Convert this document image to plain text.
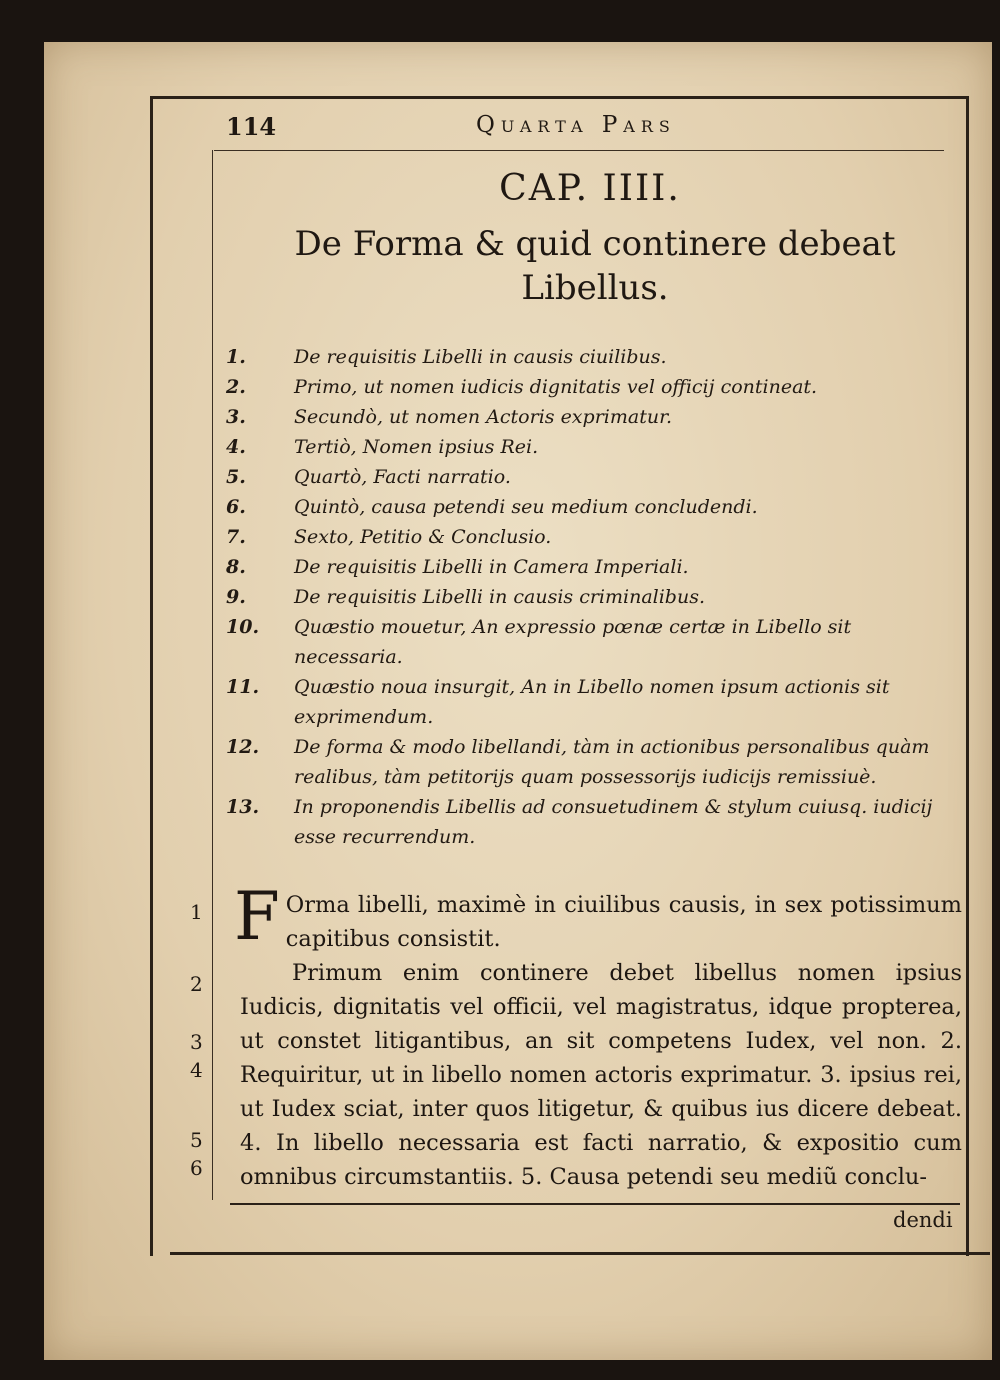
114	Quarta Pars
CAP. IIII.
De Forma & quid continere debeat
Libellus.
1.	De requisitis Libelli in causis ciuilibus.
2.	Primo, ut nomen iudicis dignitatis vel officij contineat.
3.	Secundò, ut nomen Actoris exprimatur.
4.	Tertiò, Nomen ipsius Rei.
5.	Quartò, Facti narratio.
6.	Quintò, causa petendi seu medium concludendi.
7.	Sexto, Petitio & Conclusio.
8.	De requisitis Libelli in Camera Imperiali.
9.	De requisitis Libelli in causis criminalibus.
10.	Quæstio mouetur, An expressio pœnæ certæ in Libello sit necessaria.
11.	Quæstio noua insurgit, An in Libello nomen ipsum actionis sit exprimendum.
12.	De forma & modo libellandi, tàm in actionibus personalibus quàm realibus, tàm petitorijs quam possessorijs iudicijs remissiuè.
13.	In proponendis Libellis ad consuetudinem & stylum cuiusq. iudicij esse recurrendum.

F Orma libelli, maximè in ciuilibus causis, in sex potissimum capitibus consistit.

Primum enim continere debet libellus nomen ipsius Iudicis, dignitatis vel officii, vel magistratus, idque propterea, ut constet litigantibus, an sit competens Iudex, vel non. 2. Requiritur, ut in libello nomen actoris exprimatur. 3. ipsius rei, ut Iudex sciat, inter quos litigetur, & quibus ius dicere debeat. 4. In libello necessaria est facti narratio, & expositio cum omnibus circumstantiis. 5. Causa petendi seu mediũ conclu-

1
2
3
4
5
6
dendi
